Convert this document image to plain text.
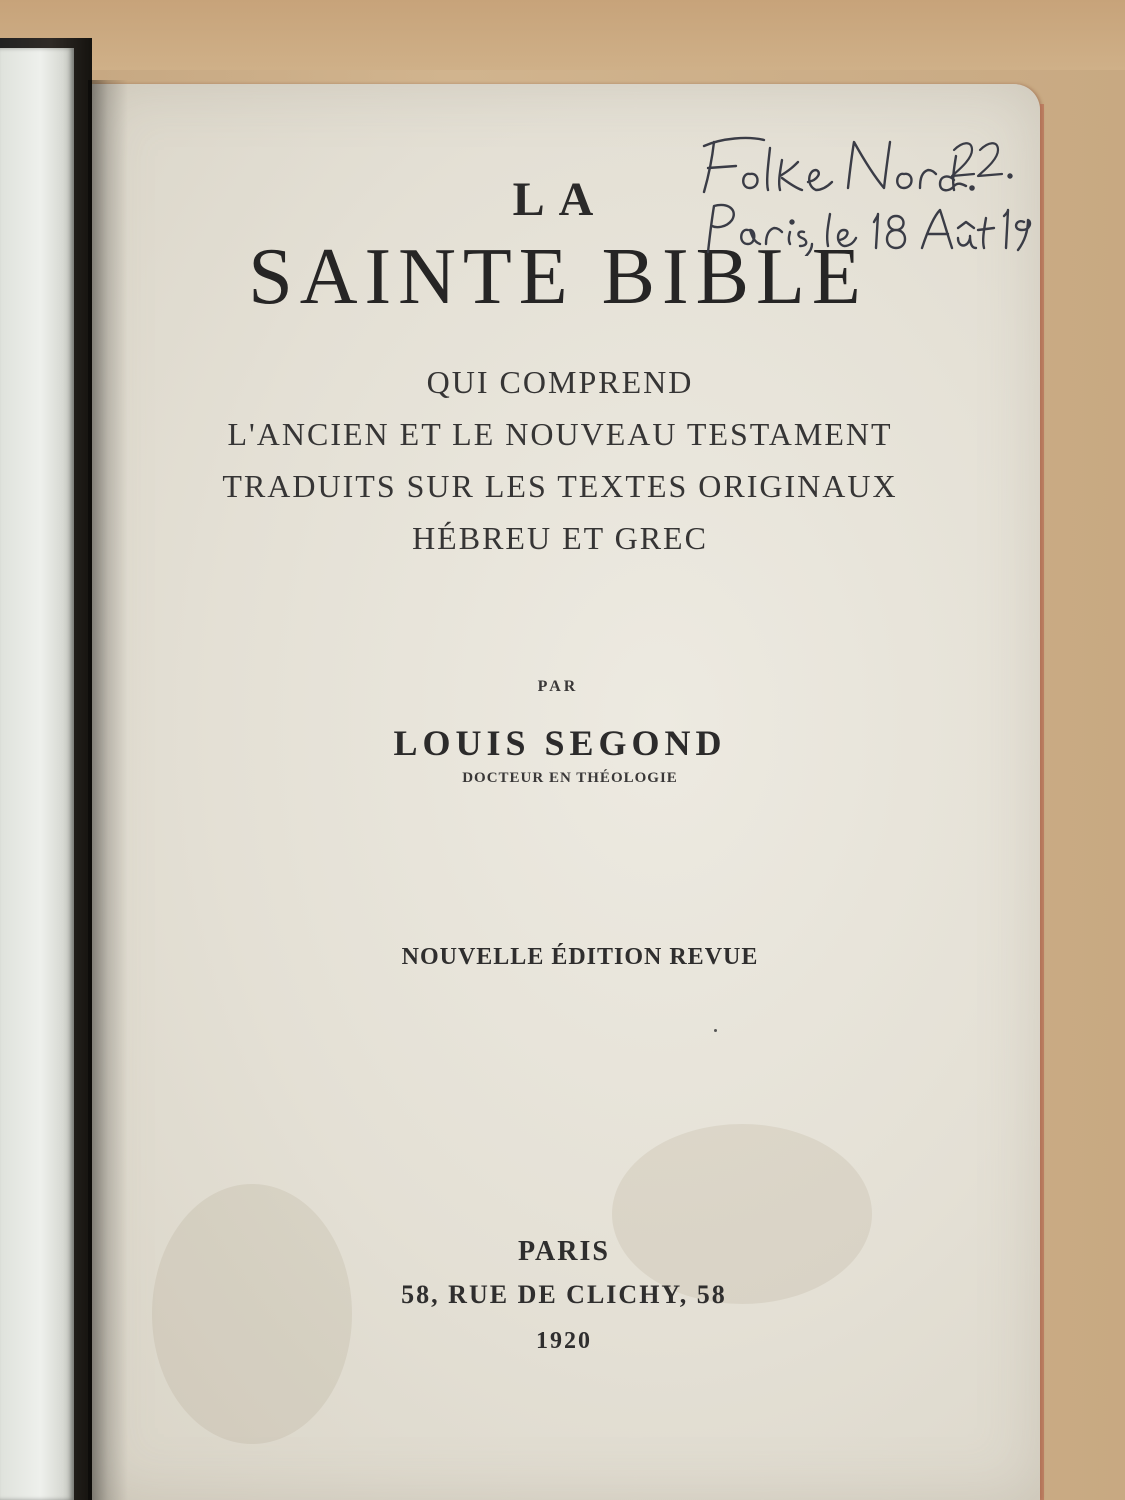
LA
SAINTE BIBLE
QUI COMPREND
L'ANCIEN ET LE NOUVEAU TESTAMENT
TRADUITS SUR LES TEXTES ORIGINAUX
HÉBREU ET GREC
PAR
LOUIS SEGOND
DOCTEUR EN THÉOLOGIE
NOUVELLE ÉDITION REVUE
PARIS
58, RUE DE CLICHY, 58
1920
